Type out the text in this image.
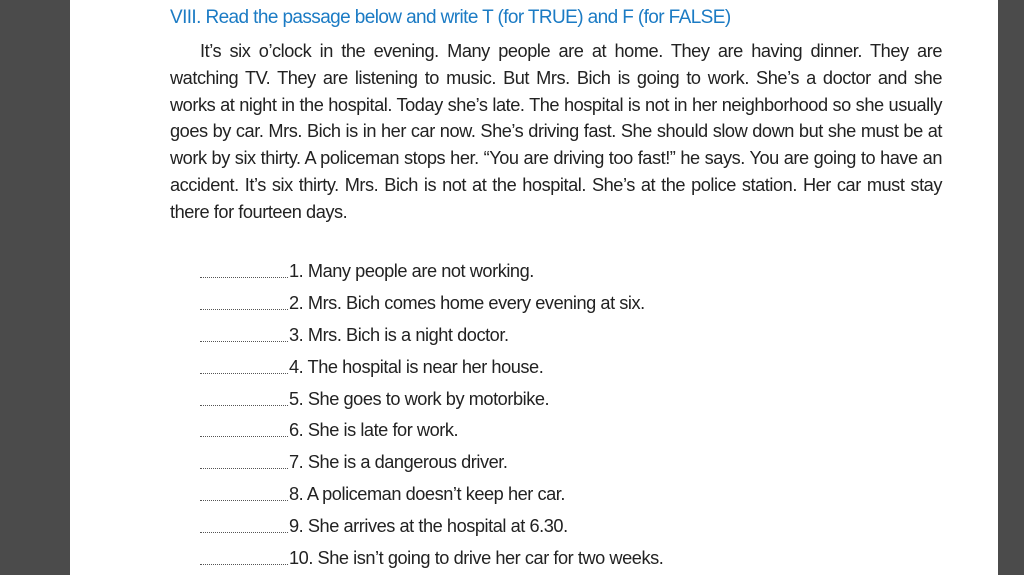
VIII. Read the passage below and write T (for TRUE) and F (for FALSE)

It’s six o’clock in the evening. Many people are at home. They are having dinner. They are watching TV. They are listening to music. But Mrs. Bich is going to work. She’s a doctor and she works at night in the hospital. Today she’s late. The hospital is not in her neighborhood so she usually goes by car. Mrs. Bich is in her car now. She’s driving fast. She should slow down but she must be at work by six thirty. A policeman stops her. “You are driving too fast!” he says. You are going to have an accident. It’s six thirty. Mrs. Bich is not at the hospital. She’s at the police station. Her car must stay there for fourteen days.

1. Many people are not working.
2. Mrs. Bich comes home every evening at six.
3. Mrs. Bich is a night doctor.
4. The hospital is near her house.
5. She goes to work by motorbike.
6. She is late for work.
7. She is a dangerous driver.
8. A policeman doesn’t keep her car.
9. She arrives at the hospital at 6.30.
10. She isn’t going to drive her car for two weeks.
